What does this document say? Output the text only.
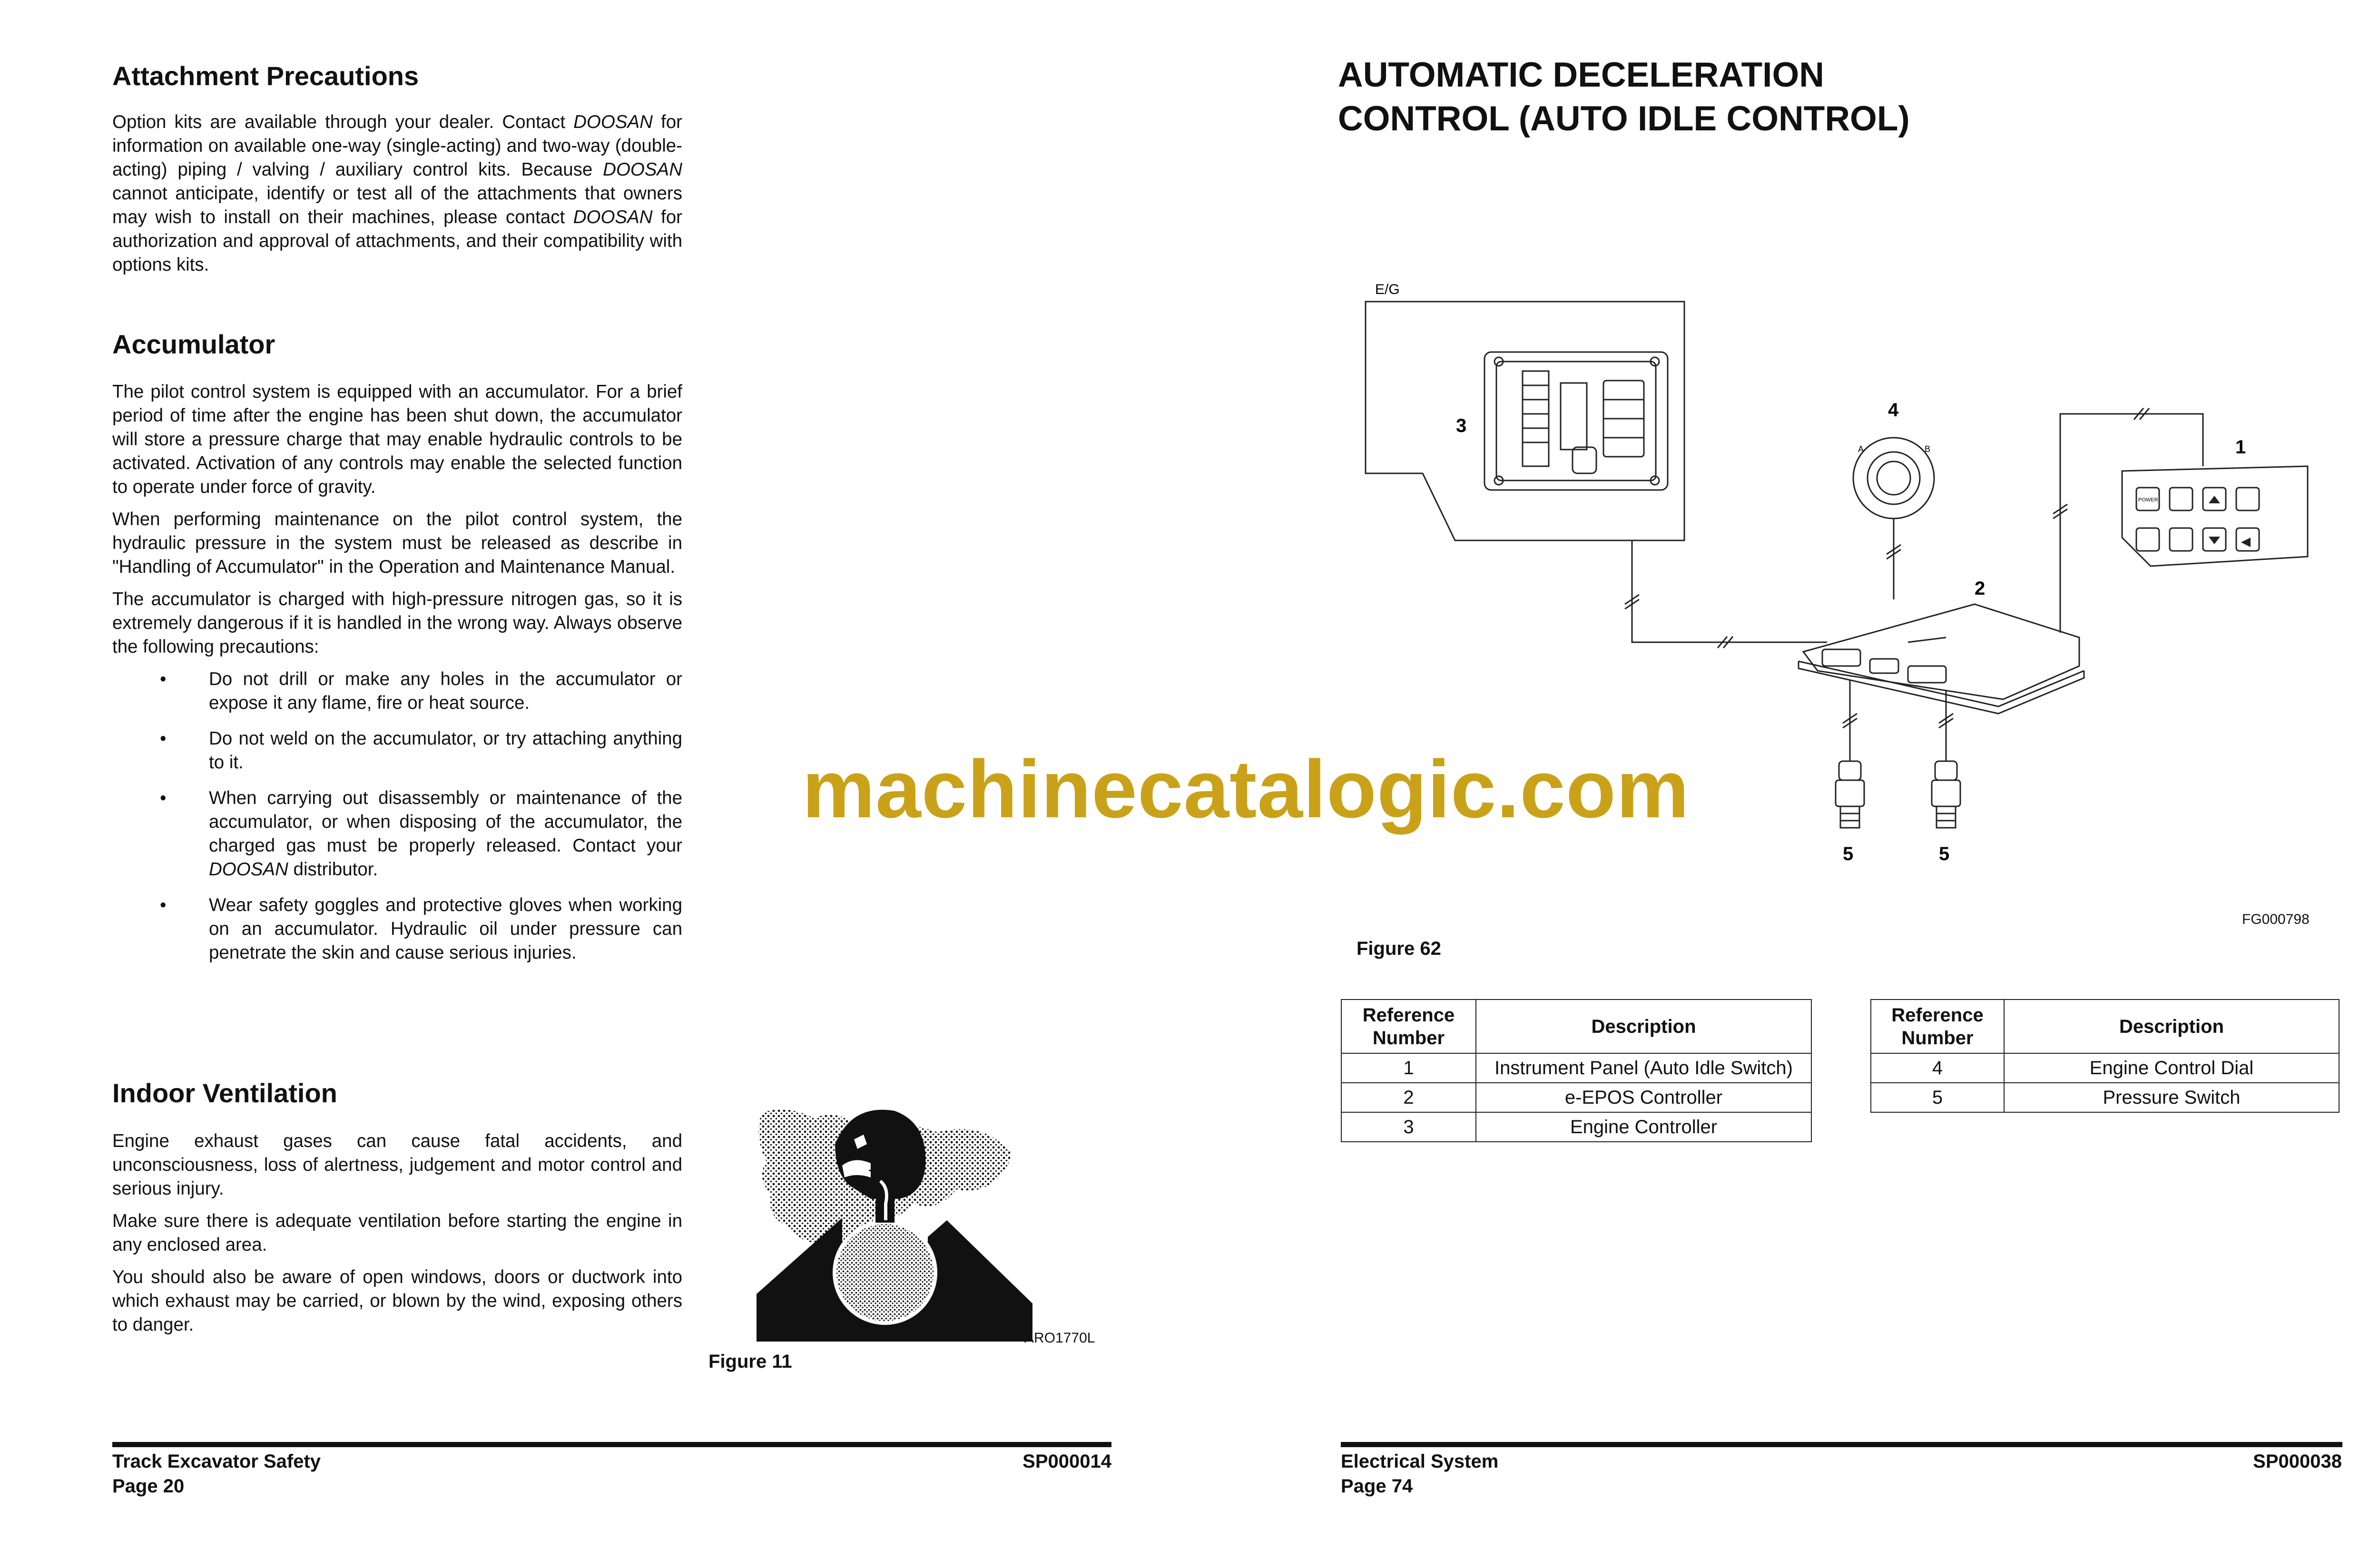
Attachment Precautions

Option kits are available through your dealer. Contact DOOSAN for information on available one-way (single-acting) and two-way (double-acting) piping / valving / auxiliary control kits. Because DOOSAN cannot anticipate, identify or test all of the attachments that owners may wish to install on their machines, please contact DOOSAN for authorization and approval of attachments, and their compatibility with options kits.

Accumulator

The pilot control system is equipped with an accumulator. For a brief period of time after the engine has been shut down, the accumulator will store a pressure charge that may enable hydraulic controls to be activated. Activation of any controls may enable the selected function to operate under force of gravity.

When performing maintenance on the pilot control system, the hydraulic pressure in the system must be released as describe in "Handling of Accumulator" in the Operation and Maintenance Manual.

The accumulator is charged with high-pressure nitrogen gas, so it is extremely dangerous if it is handled in the wrong way. Always observe the following precautions:

• Do not drill or make any holes in the accumulator or expose it any flame, fire or heat source.
• Do not weld on the accumulator, or try attaching anything to it.
• When carrying out disassembly or maintenance of the accumulator, or when disposing of the accumulator, the charged gas must be properly released. Contact your DOOSAN distributor.
• Wear safety goggles and protective gloves when working on an accumulator. Hydraulic oil under pressure can penetrate the skin and cause serious injuries.
Indoor Ventilation

Engine exhaust gases can cause fatal accidents, and unconsciousness, loss of alertness, judgement and motor control and serious injury.

Make sure there is adequate ventilation before starting the engine in any enclosed area.

You should also be aware of open windows, doors or ductwork into which exhaust may be carried, or blown by the wind, exposing others to danger.

ARO1770L
Figure 11
Track Excavator Safety
Page 20
SP000014
AUTOMATIC DECELERATION CONTROL (AUTO IDLE CONTROL)
E/G
A	B
POWER
1
2
3
4
5	5
FG000798
Figure 62
Reference Number	Description
1	Instrument Panel (Auto Idle Switch)
2	e-EPOS Controller
3	Engine Controller
Reference Number	Description
4	Engine Control Dial
5	Pressure Switch
Electrical System
Page 74
SP000038
machinecatalogic.com
